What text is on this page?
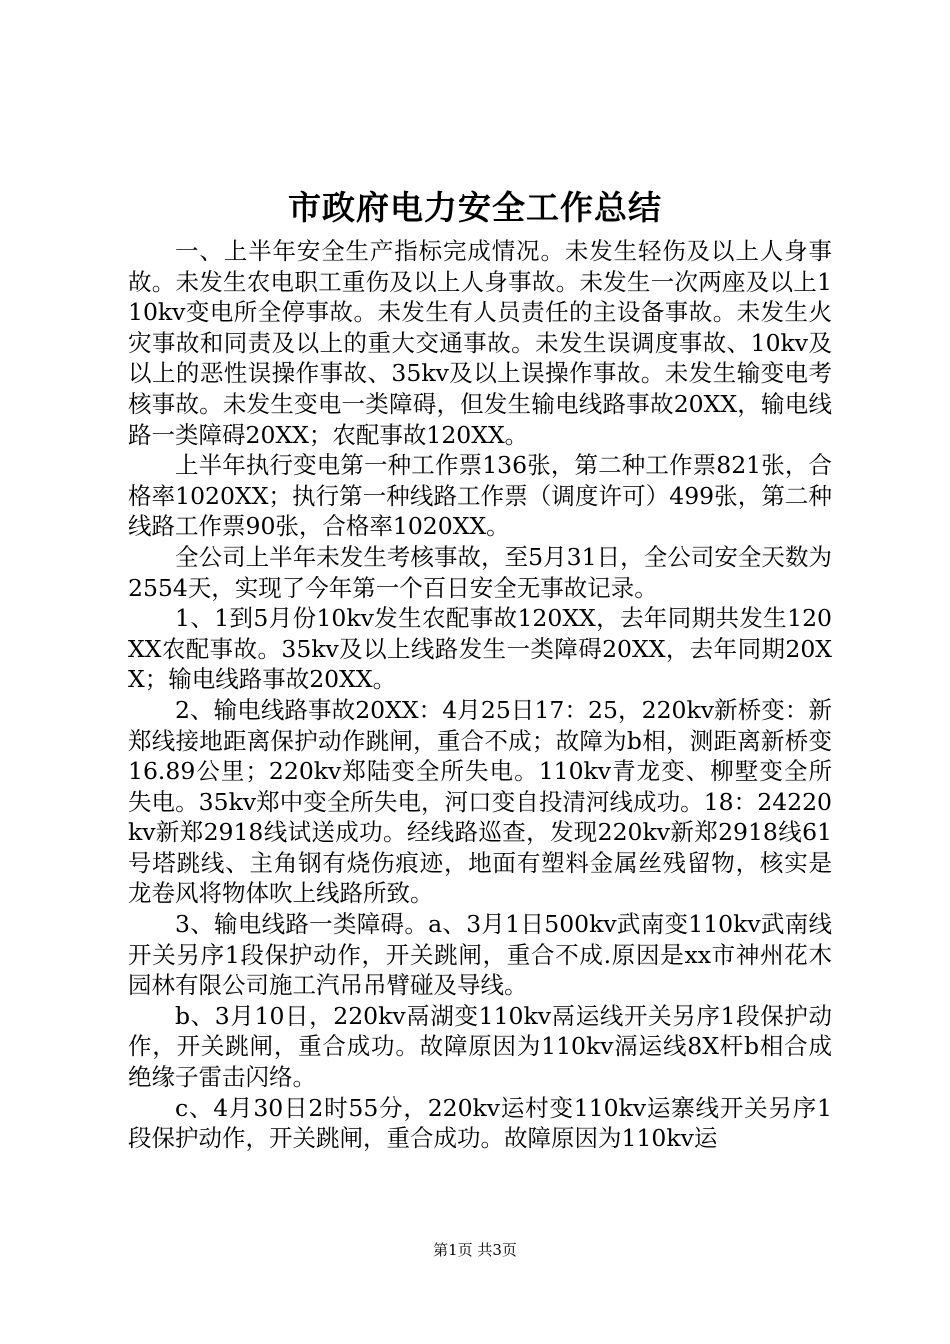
市政府电力安全工作总结

一、上半年安全生产指标完成情况。未发生轻伤及以上人身事故。未发生农电职工重伤及以上人身事故。未发生一次两座及以上110kv变电所全停事故。未发生有人员责任的主设备事故。未发生火灾事故和同责及以上的重大交通事故。未发生误调度事故、10kv及以上的恶性误操作事故、35kv及以上误操作事故。未发生输变电考核事故。未发生变电一类障碍，但发生输电线路事故20XX，输电线路一类障碍20XX；农配事故120XX。

上半年执行变电第一种工作票136张，第二种工作票821张，合格率1020XX；执行第一种线路工作票（调度许可）499张，第二种线路工作票90张，合格率1020XX。

全公司上半年未发生考核事故，至5月31日，全公司安全天数为2554天，实现了今年第一个百日安全无事故记录。

1、1到5月份10kv发生农配事故120XX，去年同期共发生120XX农配事故。35kv及以上线路发生一类障碍20XX，去年同期20XX；输电线路事故20XX。

2、输电线路事故20XX：4月25日17：25，220kv新桥变：新郑线接地距离保护动作跳闸，重合不成；故障为b相，测距离新桥变16.89公里；220kv郑陆变全所失电。110kv青龙变、柳墅变全所失电。35kv郑中变全所失电，河口变自投清河线成功。18：24220kv新郑2918线试送成功。经线路巡查，发现220kv新郑2918线61号塔跳线、主角钢有烧伤痕迹，地面有塑料金属丝残留物，核实是龙卷风将物体吹上线路所致。

3、输电线路一类障碍。a、3月1日500kv武南变110kv武南线开关另序1段保护动作，开关跳闸，重合不成.原因是xx市神州花木园林有限公司施工汽吊吊臂碰及导线。

b、3月10日，220kv鬲湖变110kv鬲运线开关另序1段保护动作，开关跳闸，重合成功。故障原因为110kv滆运线8X杆b相合成绝缘子雷击闪络。

c、4月30日2时55分，220kv运村变110kv运寨线开关另序1段保护动作，开关跳闸，重合成功。故障原因为110kv运

第1页 共3页
